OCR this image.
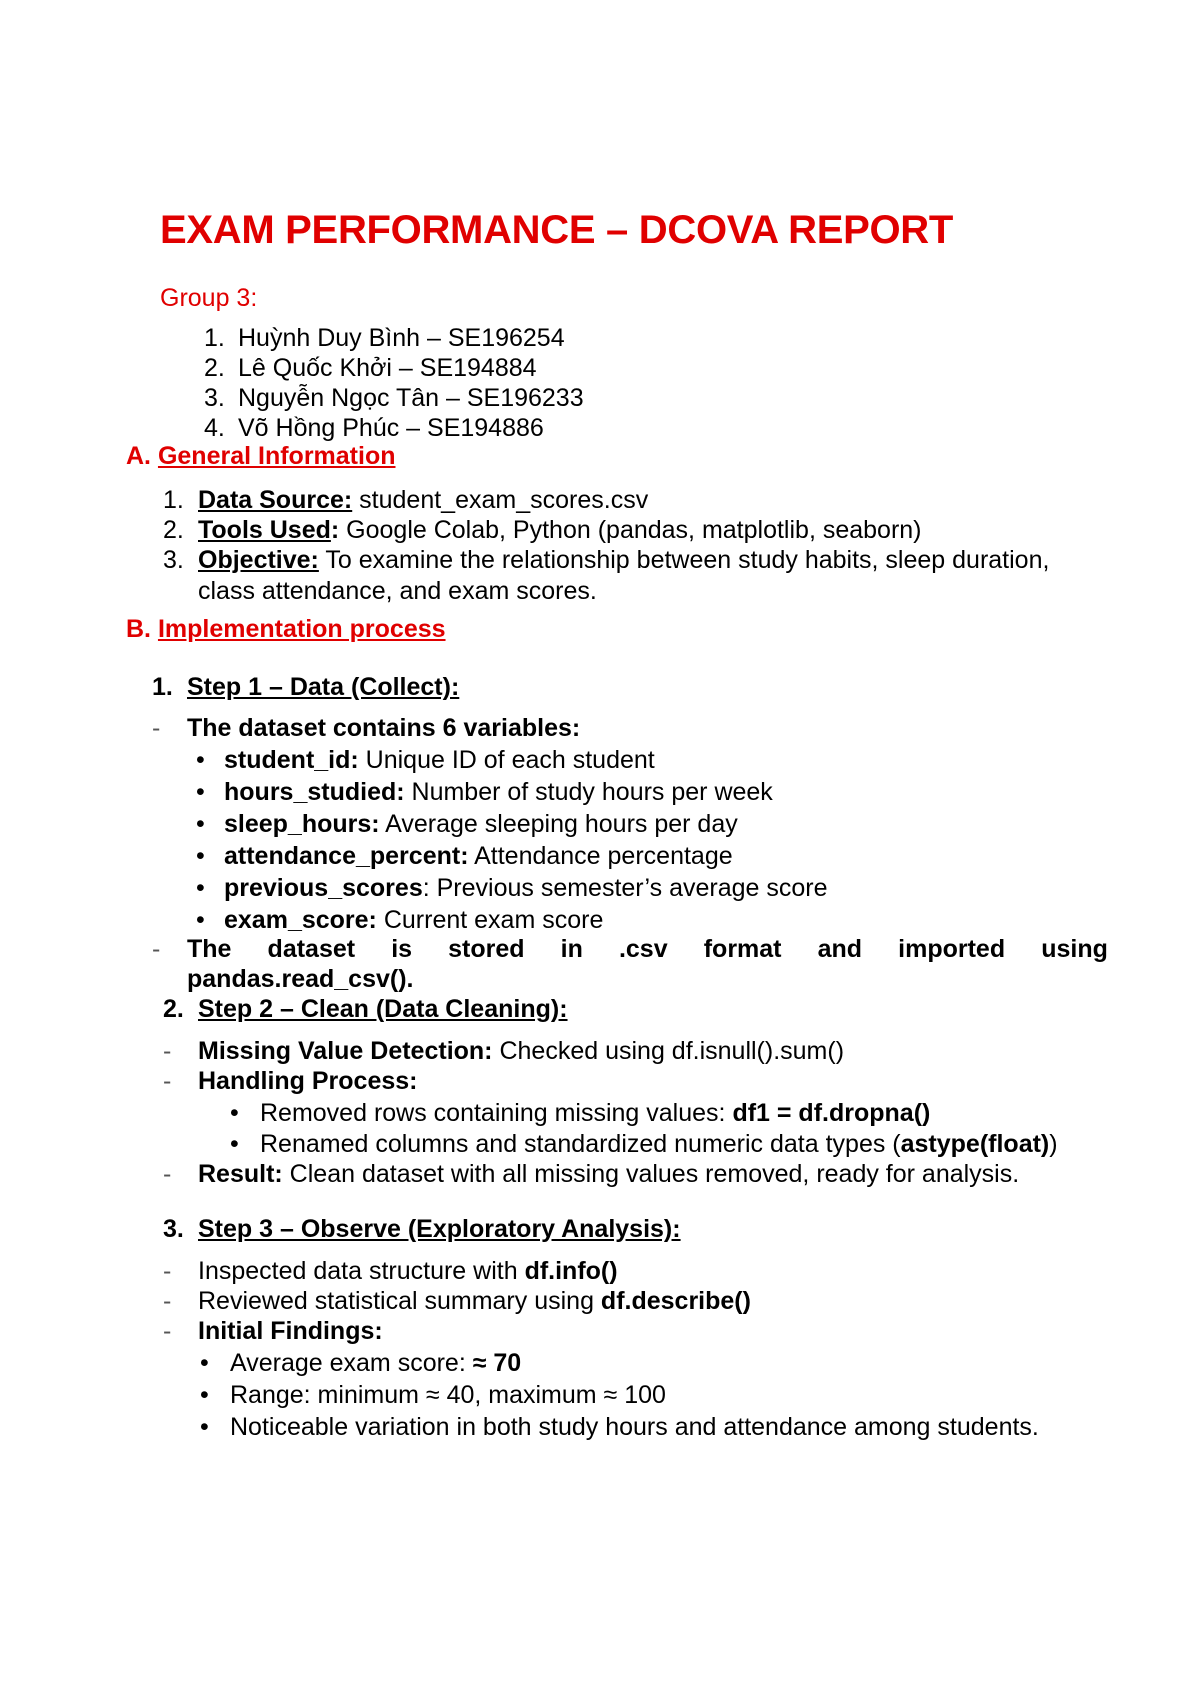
EXAM PERFORMANCE – DCOVA REPORT
Group 3:
1. Huỳnh Duy Bình – SE196254
2. Lê Quốc Khởi – SE194884
3. Nguyễn Ngọc Tân – SE196233
4. Võ Hồng Phúc – SE194886
A. General Information
1. Data Source: student_exam_scores.csv
2. Tools Used: Google Colab, Python (pandas, matplotlib, seaborn)
3. Objective: To examine the relationship between study habits, sleep duration,
class attendance, and exam scores.
B. Implementation process
1. Step 1 – Data (Collect):
- The dataset contains 6 variables:
• student_id: Unique ID of each student
• hours_studied: Number of study hours per week
• sleep_hours: Average sleeping hours per day
• attendance_percent: Attendance percentage
• previous_scores: Previous semester’s average score
• exam_score: Current exam score
- The dataset is stored in .csv format and imported using
pandas.read_csv().
2. Step 2 – Clean (Data Cleaning):
- Missing Value Detection: Checked using df.isnull().sum()
- Handling Process:
• Removed rows containing missing values: df1 = df.dropna()
• Renamed columns and standardized numeric data types (astype(float))
- Result: Clean dataset with all missing values removed, ready for analysis.
3. Step 3 – Observe (Exploratory Analysis):
- Inspected data structure with df.info()
- Reviewed statistical summary using df.describe()
- Initial Findings:
• Average exam score: ≈ 70
• Range: minimum ≈ 40, maximum ≈ 100
• Noticeable variation in both study hours and attendance among students.
